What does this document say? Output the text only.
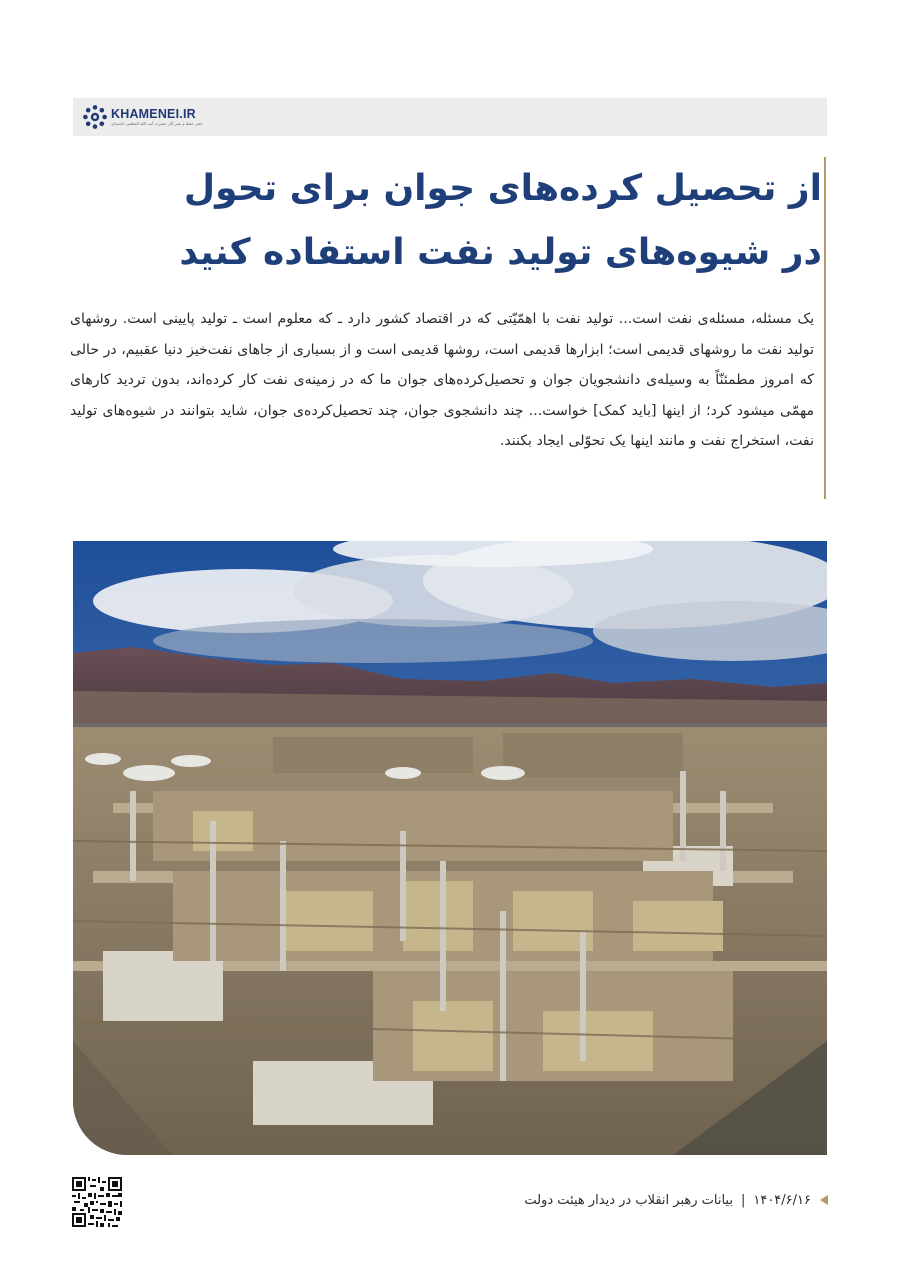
KHAMENEI.IR
دفتر حفظ و نشر آثار حضرت آیت الله العظمی خامنه‌ای
از تحصیل کرده‌های جوان برای تحول
در شیوه‌های تولید نفت استفاده کنید
یک مسئله، مسئله‌ی نفت است... تولید نفت با اهمّیّتی که در اقتصاد کشور دارد ـ که معلوم است ـ تولید پایینی است. روشهای تولید نفت ما روشهای قدیمی است؛ ابزارها قدیمی است، روشها قدیمی است و از بسیاری از جاهای نفت‌خیز دنیا عقبیم، در حالی که امروز مطمئنّاً به وسیله‌ی دانشجویان جوان و تحصیل‌کرده‌های جوان ما که در زمینه‌ی نفت کار کرده‌اند، بدون تردید کارهای مهمّی میشود کرد؛ از اینها [باید کمک] خواست... چند دانشجوی جوان، چند تحصیل‌کرده‌ی جوان، شاید بتوانند در شیوه‌های تولید نفت، استخراج نفت و مانند اینها یک تحوّلی ایجاد بکنند.
۱۴۰۴/۶/۱۶
|
بیانات رهبر انقلاب در دیدار هیئت دولت
